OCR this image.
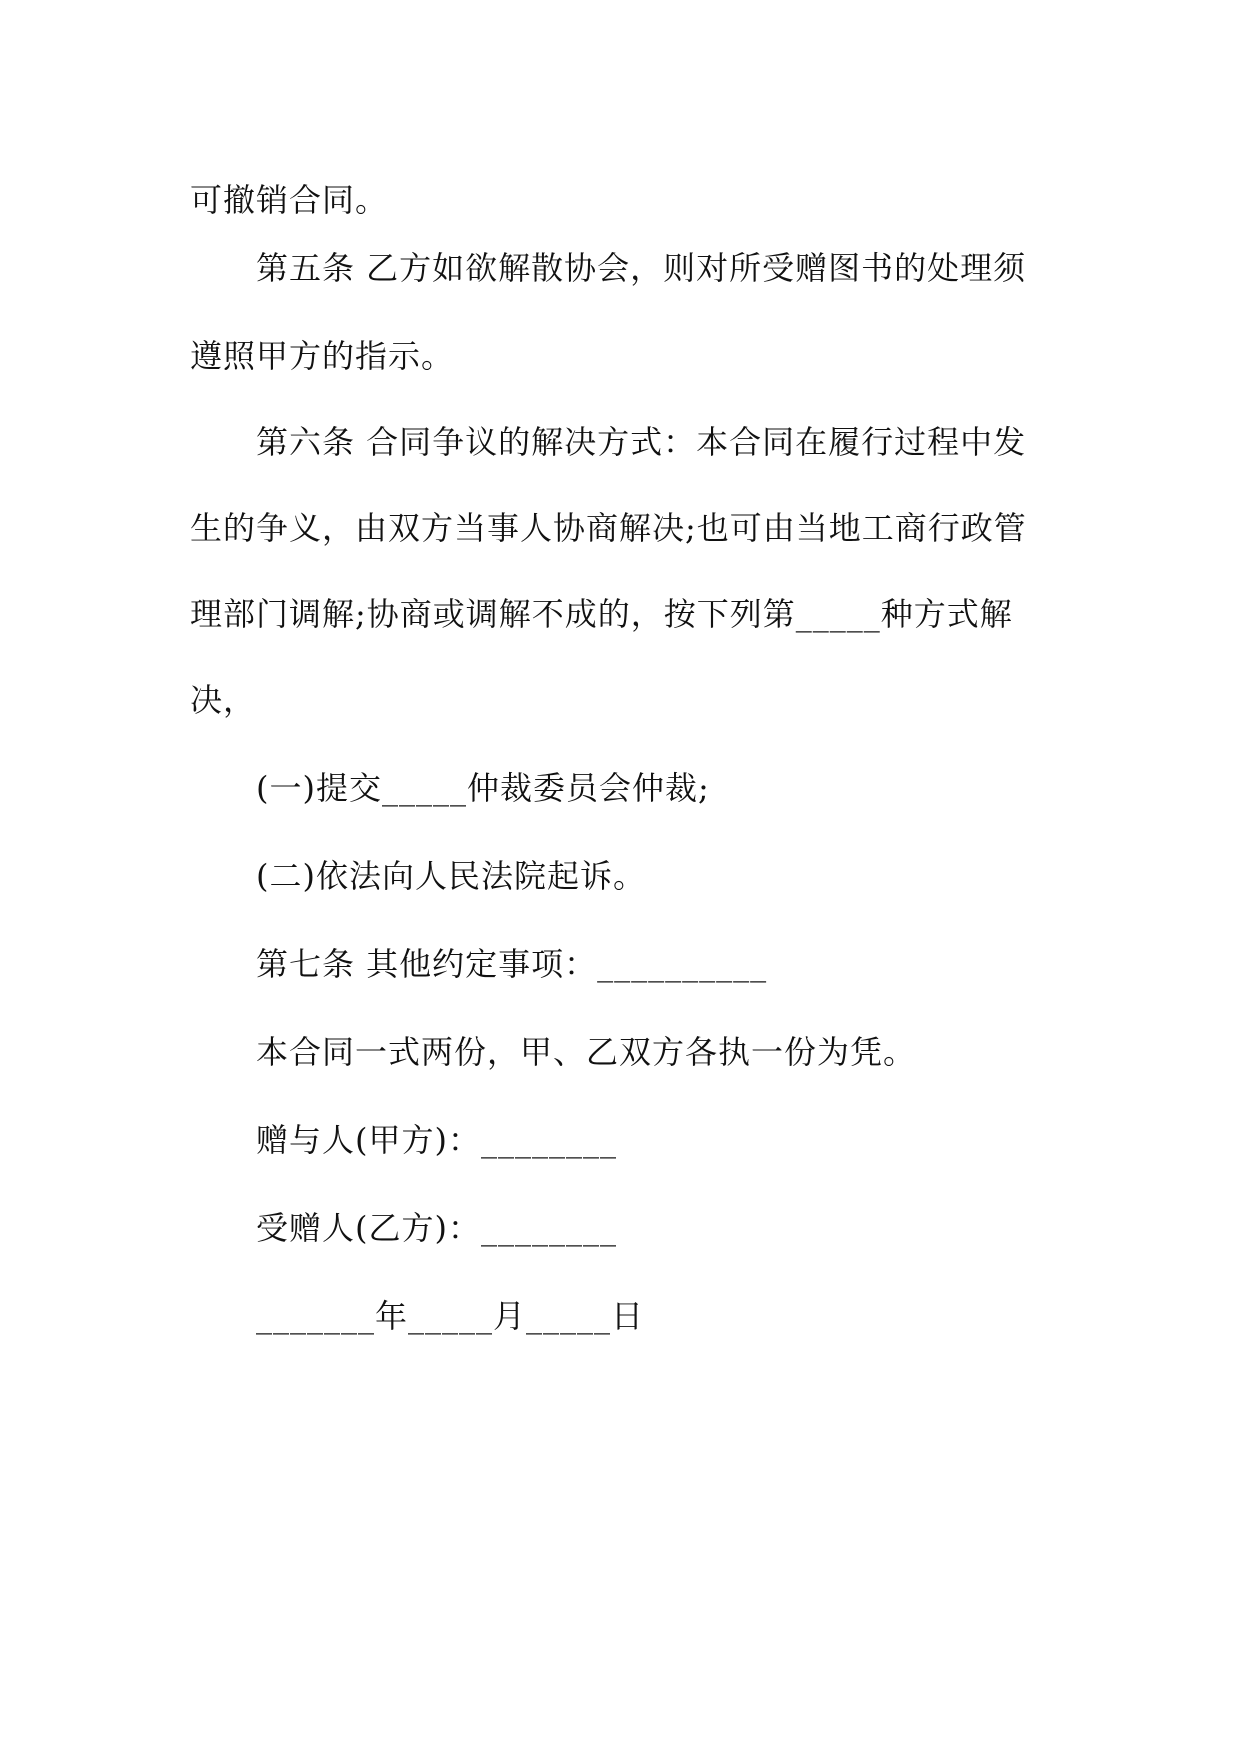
可撤销合同。
第五条 乙方如欲解散协会，则对所受赠图书的处理须
遵照甲方的指示。
第六条 合同争议的解决方式：本合同在履行过程中发
生的争义，由双方当事人协商解决;也可由当地工商行政管
理部门调解;协商或调解不成的，按下列第_____种方式解
决，
(一)提交_____仲裁委员会仲裁;
(二)依法向人民法院起诉。
第七条 其他约定事项：__________
本合同一式两份，甲、乙双方各执一份为凭。
赠与人(甲方)：________
受赠人(乙方)：________
_______年_____月_____日
